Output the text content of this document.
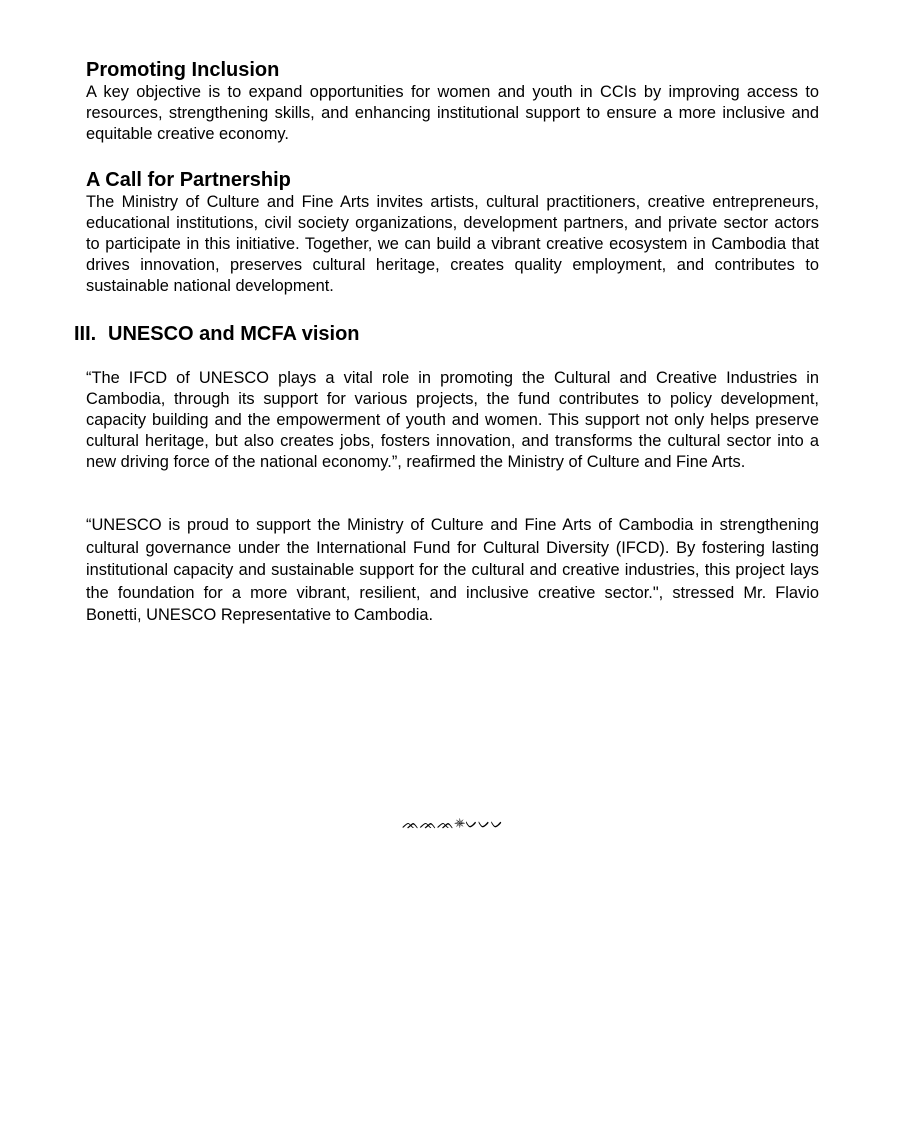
Promoting Inclusion

A key objective is to expand opportunities for women and youth in CCIs by improving access to resources, strengthening skills, and enhancing institutional support to ensure a more inclusive and equitable creative economy.

A Call for Partnership

The Ministry of Culture and Fine Arts invites artists, cultural practitioners, creative entrepreneurs, educational institutions, civil society organizations, development partners, and private sector actors to participate in this initiative. Together, we can build a vibrant creative ecosystem in Cambodia that drives innovation, preserves cultural heritage, creates quality employment, and contributes to sustainable national development.

III. UNESCO and MCFA vision

“The IFCD of UNESCO plays a vital role in promoting the Cultural and Creative Industries in Cambodia, through its support for various projects, the fund contributes to policy development, capacity building and the empowerment of youth and women. This support not only helps preserve cultural heritage, but also creates jobs, fosters innovation, and transforms the cultural sector into a new driving force of the national economy.”, reafirmed the Ministry of Culture and Fine Arts.

“UNESCO is proud to support the Ministry of Culture and Fine Arts of Cambodia in strengthening cultural governance under the International Fund for Cultural Diversity (IFCD). By fostering lasting institutional capacity and sustainable support for the cultural and creative industries, this project lays the foundation for a more vibrant, resilient, and inclusive creative sector.", stressed Mr. Flavio Bonetti, UNESCO Representative to Cambodia.

ᨏᨏᨏ✵ᨆᨆᨆ
